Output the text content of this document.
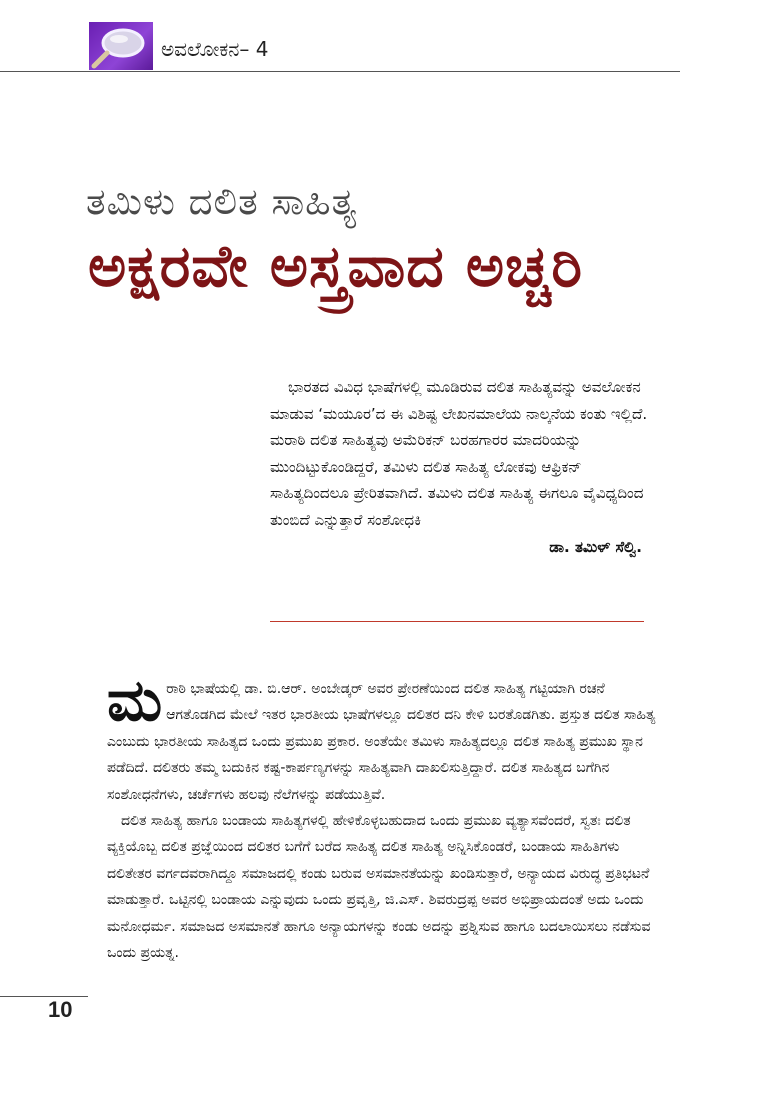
ಅವಲೋಕನ– 4
ತಮಿಳು ದಲಿತ ಸಾಹಿತ್ಯ
ಅಕ್ಷರವೇ ಅಸ್ತ್ರವಾದ ಅಚ್ಚರಿ

ಭಾರತದ ವಿವಿಧ ಭಾಷೆಗಳಲ್ಲಿ ಮೂಡಿರುವ ದಲಿತ ಸಾಹಿತ್ಯವನ್ನು ಅವಲೋಕನ ಮಾಡುವ ‘ಮಯೂರ’ದ ಈ ವಿಶಿಷ್ಟ ಲೇಖನಮಾಲೆಯ ನಾಲ್ಕನೆಯ ಕಂತು ಇಲ್ಲಿದೆ. ಮರಾಠಿ ದಲಿತ ಸಾಹಿತ್ಯವು ಅಮೆರಿಕನ್ ಬರಹಗಾರರ ಮಾದರಿಯನ್ನು ಮುಂದಿಟ್ಟುಕೊಂಡಿದ್ದರೆ, ತಮಿಳು ದಲಿತ ಸಾಹಿತ್ಯ ಲೋಕವು ಆಫ್ರಿಕನ್ ಸಾಹಿತ್ಯದಿಂದಲೂ ಪ್ರೇರಿತವಾಗಿದೆ. ತಮಿಳು ದಲಿತ ಸಾಹಿತ್ಯ ಈಗಲೂ ವೈವಿಧ್ಯದಿಂದ ತುಂಬಿದೆ ಎನ್ನುತ್ತಾರೆ ಸಂಶೋಧಕಿ

ಡಾ. ತಮಿಳ್ ಸೆಲ್ವಿ.

ಮರಾಠಿ ಭಾಷೆಯಲ್ಲಿ ಡಾ. ಬಿ.ಆರ್. ಅಂಬೇಡ್ಕರ್ ಅವರ ಪ್ರೇರಣೆಯಿಂದ ದಲಿತ ಸಾಹಿತ್ಯ ಗಟ್ಟಿಯಾಗಿ ರಚನೆ ಆಗತೊಡಗಿದ ಮೇಲೆ ಇತರ ಭಾರತೀಯ ಭಾಷೆಗಳಲ್ಲೂ ದಲಿತರ ದನಿ ಕೇಳಿ ಬರತೊಡಗಿತು. ಪ್ರಸ್ತುತ ದಲಿತ ಸಾಹಿತ್ಯ ಎಂಬುದು ಭಾರತೀಯ ಸಾಹಿತ್ಯದ ಒಂದು ಪ್ರಮುಖ ಪ್ರಕಾರ. ಅಂತೆಯೇ ತಮಿಳು ಸಾಹಿತ್ಯದಲ್ಲೂ ದಲಿತ ಸಾಹಿತ್ಯ ಪ್ರಮುಖ ಸ್ಥಾನ ಪಡೆದಿದೆ. ದಲಿತರು ತಮ್ಮ ಬದುಕಿನ ಕಷ್ಟ-ಕಾರ್ಪಣ್ಯಗಳನ್ನು ಸಾಹಿತ್ಯವಾಗಿ ದಾಖಲಿಸುತ್ತಿದ್ದಾರೆ. ದಲಿತ ಸಾಹಿತ್ಯದ ಬಗೆಗಿನ ಸಂಶೋಧನೆಗಳು, ಚರ್ಚೆಗಳು ಹಲವು ನೆಲೆಗಳನ್ನು ಪಡೆಯುತ್ತಿವೆ.

ದಲಿತ ಸಾಹಿತ್ಯ ಹಾಗೂ ಬಂಡಾಯ ಸಾಹಿತ್ಯಗಳಲ್ಲಿ ಹೇಳಿಕೊಳ್ಳಬಹುದಾದ ಒಂದು ಪ್ರಮುಖ ವ್ಯತ್ಯಾಸವೆಂದರೆ, ಸ್ವತಃ ದಲಿತ ವ್ಯಕ್ತಿಯೊಬ್ಬ ದಲಿತ ಪ್ರಜ್ಞೆಯಿಂದ ದಲಿತರ ಬಗೆಗೆ ಬರೆದ ಸಾಹಿತ್ಯ ದಲಿತ ಸಾಹಿತ್ಯ ಅನ್ನಿಸಿಕೊಂಡರೆ, ಬಂಡಾಯ ಸಾಹಿತಿಗಳು ದಲಿತೇತರ ವರ್ಗದವರಾಗಿದ್ದೂ ಸಮಾಜದಲ್ಲಿ ಕಂಡು ಬರುವ ಅಸಮಾನತೆಯನ್ನು ಖಂಡಿಸುತ್ತಾರೆ, ಅನ್ಯಾಯದ ವಿರುದ್ಧ ಪ್ರತಿಭಟನೆ ಮಾಡುತ್ತಾರೆ. ಒಟ್ಟಿನಲ್ಲಿ ಬಂಡಾಯ ಎನ್ನುವುದು ಒಂದು ಪ್ರವೃತ್ತಿ, ಜಿ.ಎಸ್. ಶಿವರುದ್ರಪ್ಪ ಅವರ ಅಭಿಪ್ರಾಯದಂತೆ ಅದು ಒಂದು ಮನೋಧರ್ಮ. ಸಮಾಜದ ಅಸಮಾನತೆ ಹಾಗೂ ಅನ್ಯಾಯಗಳನ್ನು ಕಂಡು ಅದನ್ನು ಪ್ರಶ್ನಿಸುವ ಹಾಗೂ ಬದಲಾಯಿಸಲು ನಡೆಸುವ ಒಂದು ಪ್ರಯತ್ನ.

10
